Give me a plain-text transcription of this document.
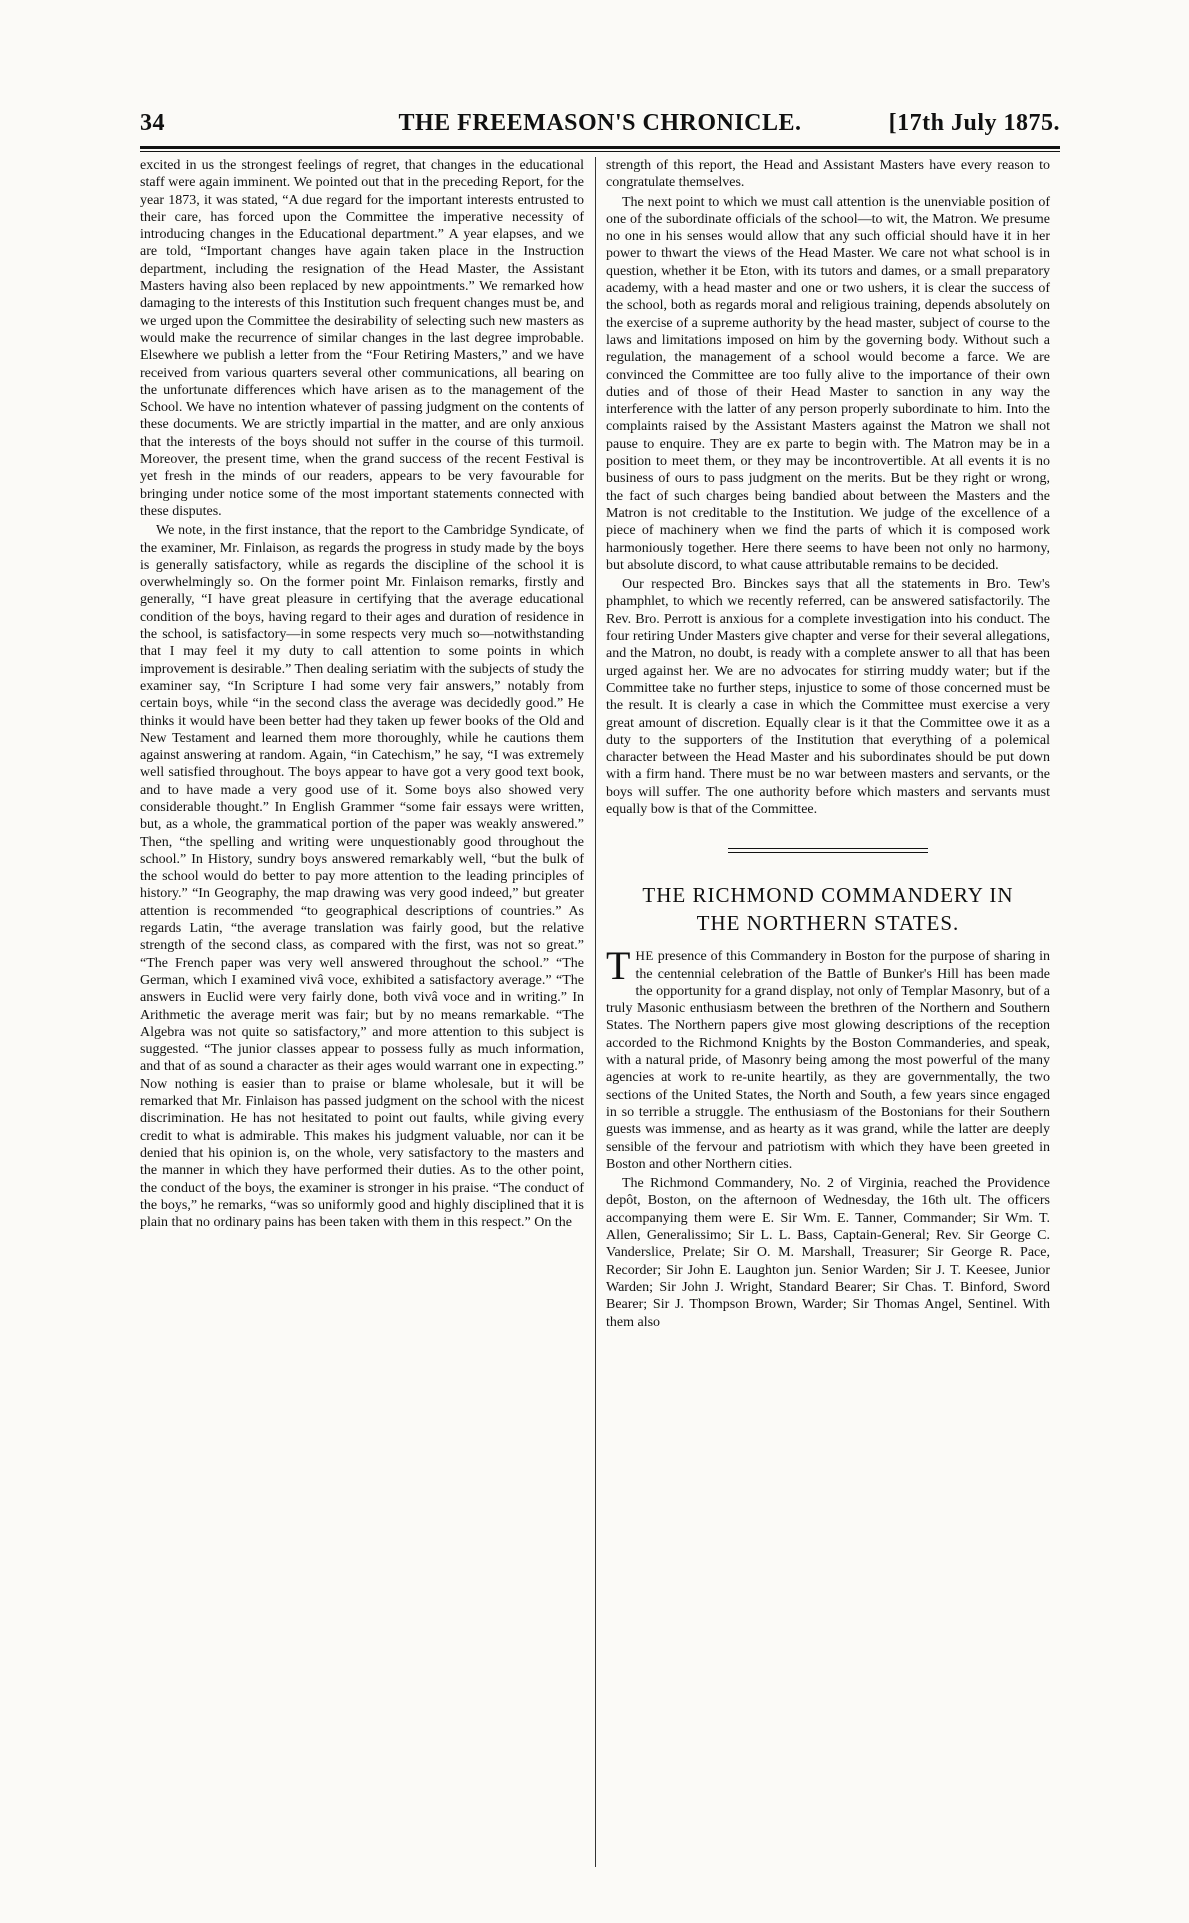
34	THE FREEMASON'S CHRONICLE.	[17th July 1875.

excited in us the strongest feelings of regret, that changes in the educational staff were again imminent. We pointed out that in the preceding Report, for the year 1873, it was stated, “A due regard for the important interests entrusted to their care, has forced upon the Committee the imperative necessity of introducing changes in the Educational department.” A year elapses, and we are told, “Important changes have again taken place in the Instruction department, including the resignation of the Head Master, the Assistant Masters having also been replaced by new appointments.” We remarked how damaging to the interests of this Institution such frequent changes must be, and we urged upon the Committee the desirability of selecting such new masters as would make the recurrence of similar changes in the last degree improbable. Elsewhere we publish a letter from the “Four Retiring Masters,” and we have received from various quarters several other communications, all bearing on the unfortunate differences which have arisen as to the management of the School. We have no intention whatever of passing judgment on the contents of these documents. We are strictly impartial in the matter, and are only anxious that the interests of the boys should not suffer in the course of this turmoil. Moreover, the present time, when the grand success of the recent Festival is yet fresh in the minds of our readers, appears to be very favourable for bringing under notice some of the most important statements connected with these disputes.

We note, in the first instance, that the report to the Cambridge Syndicate, of the examiner, Mr. Finlaison, as regards the progress in study made by the boys is generally satisfactory, while as regards the discipline of the school it is overwhelmingly so. On the former point Mr. Finlaison remarks, firstly and generally, “I have great pleasure in certifying that the average educational condition of the boys, having regard to their ages and duration of residence in the school, is satisfactory—in some respects very much so—notwithstanding that I may feel it my duty to call attention to some points in which improvement is desirable.” Then dealing seriatim with the subjects of study the examiner say, “In Scripture I had some very fair answers,” notably from certain boys, while “in the second class the average was decidedly good.” He thinks it would have been better had they taken up fewer books of the Old and New Testament and learned them more thoroughly, while he cautions them against answering at random. Again, “in Catechism,” he say, “I was extremely well satisfied throughout. The boys appear to have got a very good text book, and to have made a very good use of it. Some boys also showed very considerable thought.” In English Grammer “some fair essays were written, but, as a whole, the grammatical portion of the paper was weakly answered.” Then, “the spelling and writing were unquestionably good throughout the school.” In History, sundry boys answered remarkably well, “but the bulk of the school would do better to pay more attention to the leading principles of history.” “In Geography, the map drawing was very good indeed,” but greater attention is recommended “to geographical descriptions of countries.” As regards Latin, “the average translation was fairly good, but the relative strength of the second class, as compared with the first, was not so great.” “The French paper was very well answered throughout the school.” “The German, which I examined vivâ voce, exhibited a satisfactory average.” “The answers in Euclid were very fairly done, both vivâ voce and in writing.” In Arithmetic the average merit was fair; but by no means remarkable. “The Algebra was not quite so satisfactory,” and more attention to this subject is suggested. “The junior classes appear to possess fully as much information, and that of as sound a character as their ages would warrant one in expecting.” Now nothing is easier than to praise or blame wholesale, but it will be remarked that Mr. Finlaison has passed judgment on the school with the nicest discrimination. He has not hesitated to point out faults, while giving every credit to what is admirable. This makes his judgment valuable, nor can it be denied that his opinion is, on the whole, very satisfactory to the masters and the manner in which they have performed their duties. As to the other point, the conduct of the boys, the examiner is stronger in his praise. “The conduct of the boys,” he remarks, “was so uniformly good and highly disciplined that it is plain that no ordinary pains has been taken with them in this respect.” On the

strength of this report, the Head and Assistant Masters have every reason to congratulate themselves.

The next point to which we must call attention is the unenviable position of one of the subordinate officials of the school—to wit, the Matron. We presume no one in his senses would allow that any such official should have it in her power to thwart the views of the Head Master. We care not what school is in question, whether it be Eton, with its tutors and dames, or a small preparatory academy, with a head master and one or two ushers, it is clear the success of the school, both as regards moral and religious training, depends absolutely on the exercise of a supreme authority by the head master, subject of course to the laws and limitations imposed on him by the governing body. Without such a regulation, the management of a school would become a farce. We are convinced the Committee are too fully alive to the importance of their own duties and of those of their Head Master to sanction in any way the interference with the latter of any person properly subordinate to him. Into the complaints raised by the Assistant Masters against the Matron we shall not pause to enquire. They are ex parte to begin with. The Matron may be in a position to meet them, or they may be incontrovertible. At all events it is no business of ours to pass judgment on the merits. But be they right or wrong, the fact of such charges being bandied about between the Masters and the Matron is not creditable to the Institution. We judge of the excellence of a piece of machinery when we find the parts of which it is composed work harmoniously together. Here there seems to have been not only no harmony, but absolute discord, to what cause attributable remains to be decided.

Our respected Bro. Binckes says that all the statements in Bro. Tew's phamphlet, to which we recently referred, can be answered satisfactorily. The Rev. Bro. Perrott is anxious for a complete investigation into his conduct. The four retiring Under Masters give chapter and verse for their several allegations, and the Matron, no doubt, is ready with a complete answer to all that has been urged against her. We are no advocates for stirring muddy water; but if the Committee take no further steps, injustice to some of those concerned must be the result. It is clearly a case in which the Committee must exercise a very great amount of discretion. Equally clear is it that the Committee owe it as a duty to the supporters of the Institution that everything of a polemical character between the Head Master and his subordinates should be put down with a firm hand. There must be no war between masters and servants, or the boys will suffer. The one authority before which masters and servants must equally bow is that of the Committee.

THE RICHMOND COMMANDERY IN
THE NORTHERN STATES.

THE presence of this Commandery in Boston for the purpose of sharing in the centennial celebration of the Battle of Bunker's Hill has been made the opportunity for a grand display, not only of Templar Masonry, but of a truly Masonic enthusiasm between the brethren of the Northern and Southern States. The Northern papers give most glowing descriptions of the reception accorded to the Richmond Knights by the Boston Commanderies, and speak, with a natural pride, of Masonry being among the most powerful of the many agencies at work to re-unite heartily, as they are governmentally, the two sections of the United States, the North and South, a few years since engaged in so terrible a struggle. The enthusiasm of the Bostonians for their Southern guests was immense, and as hearty as it was grand, while the latter are deeply sensible of the fervour and patriotism with which they have been greeted in Boston and other Northern cities.

The Richmond Commandery, No. 2 of Virginia, reached the Providence depôt, Boston, on the afternoon of Wednesday, the 16th ult. The officers accompanying them were E. Sir Wm. E. Tanner, Commander; Sir Wm. T. Allen, Generalissimo; Sir L. L. Bass, Captain-General; Rev. Sir George C. Vanderslice, Prelate; Sir O. M. Marshall, Treasurer; Sir George R. Pace, Recorder; Sir John E. Laughton jun. Senior Warden; Sir J. T. Keesee, Junior Warden; Sir John J. Wright, Standard Bearer; Sir Chas. T. Binford, Sword Bearer; Sir J. Thompson Brown, Warder; Sir Thomas Angel, Sentinel. With them also
